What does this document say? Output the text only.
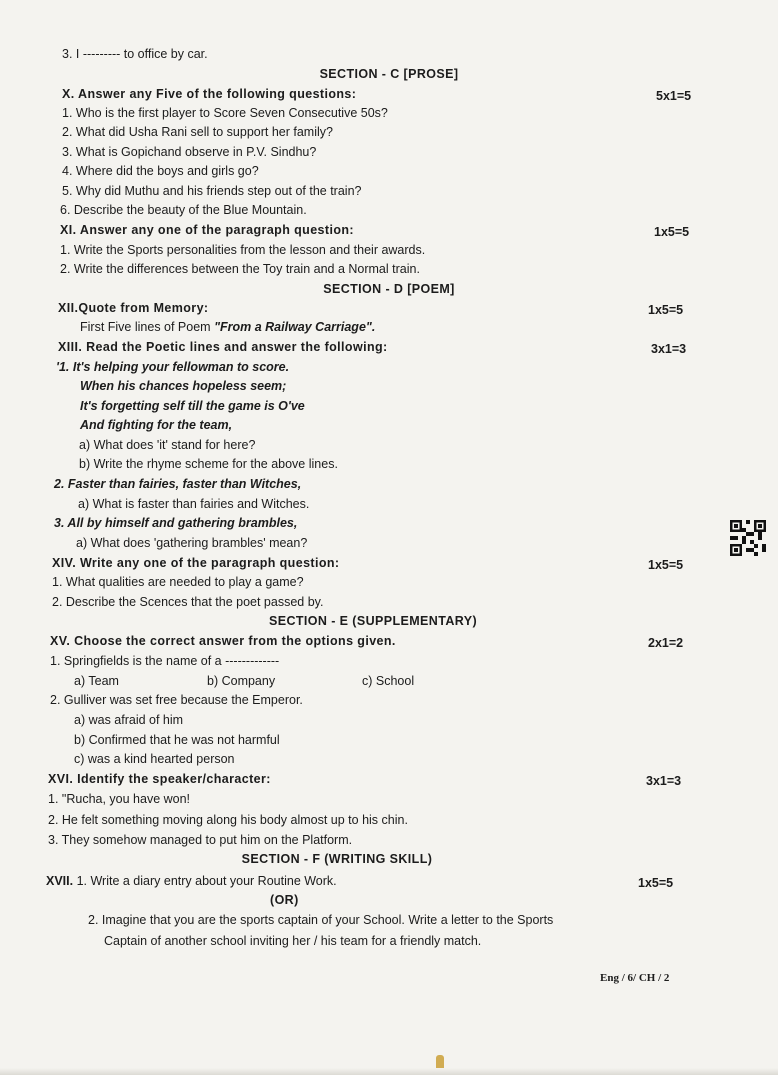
3. I --------- to office by car.
SECTION - C [PROSE]
X. Answer any Five of the following questions:	5x1=5
1. Who is the first player to Score Seven Consecutive 50s?
2. What did Usha Rani sell to support her family?
3. What is Gopichand observe in P.V. Sindhu?
4. Where did the boys and girls go?
5. Why did Muthu and his friends step out of the train?
6. Describe the beauty of the Blue Mountain.
XI. Answer any one of the paragraph question:	1x5=5
1. Write the Sports personalities from the lesson and their awards.
2. Write the differences between the Toy train and a Normal train.
SECTION - D [POEM]
XII.Quote from Memory:	1x5=5
First Five lines of Poem "From a Railway Carriage".
XIII. Read the Poetic lines and answer the following:	3x1=3
'1. It's helping your fellowman to score.
When his chances hopeless seem;
It's forgetting self till the game is O've
And fighting for the team,
a) What does 'it' stand for here?
b) Write the rhyme scheme for the above lines.
2. Faster than fairies, faster than Witches,
a) What is faster than fairies and Witches.
3. All by himself and gathering brambles,
a) What does 'gathering brambles' mean?
XIV. Write any one of the paragraph question:	1x5=5
1. What qualities are needed to play a game?
2. Describe the Scences that the poet passed by.
SECTION - E (SUPPLEMENTARY)
XV. Choose the correct answer from the options given.	2x1=2
1. Springfields is the name of a -------------
a) Team	b) Company	c) School
2. Gulliver was set free because the Emperor.
a) was afraid of him
b) Confirmed that he was not harmful
c) was a kind hearted person
XVI. Identify the speaker/character:	3x1=3
1. "Rucha, you have won!
2. He felt something moving along his body almost up to his chin.
3. They somehow managed to put him on the Platform.
SECTION - F (WRITING SKILL)
XVII. 1. Write a diary entry about your Routine Work.	1x5=5
(OR)
2. Imagine that you are the sports captain of your School. Write a letter to the Sports
Captain of another school inviting her / his team for a friendly match.
Eng / 6/ CH / 2
